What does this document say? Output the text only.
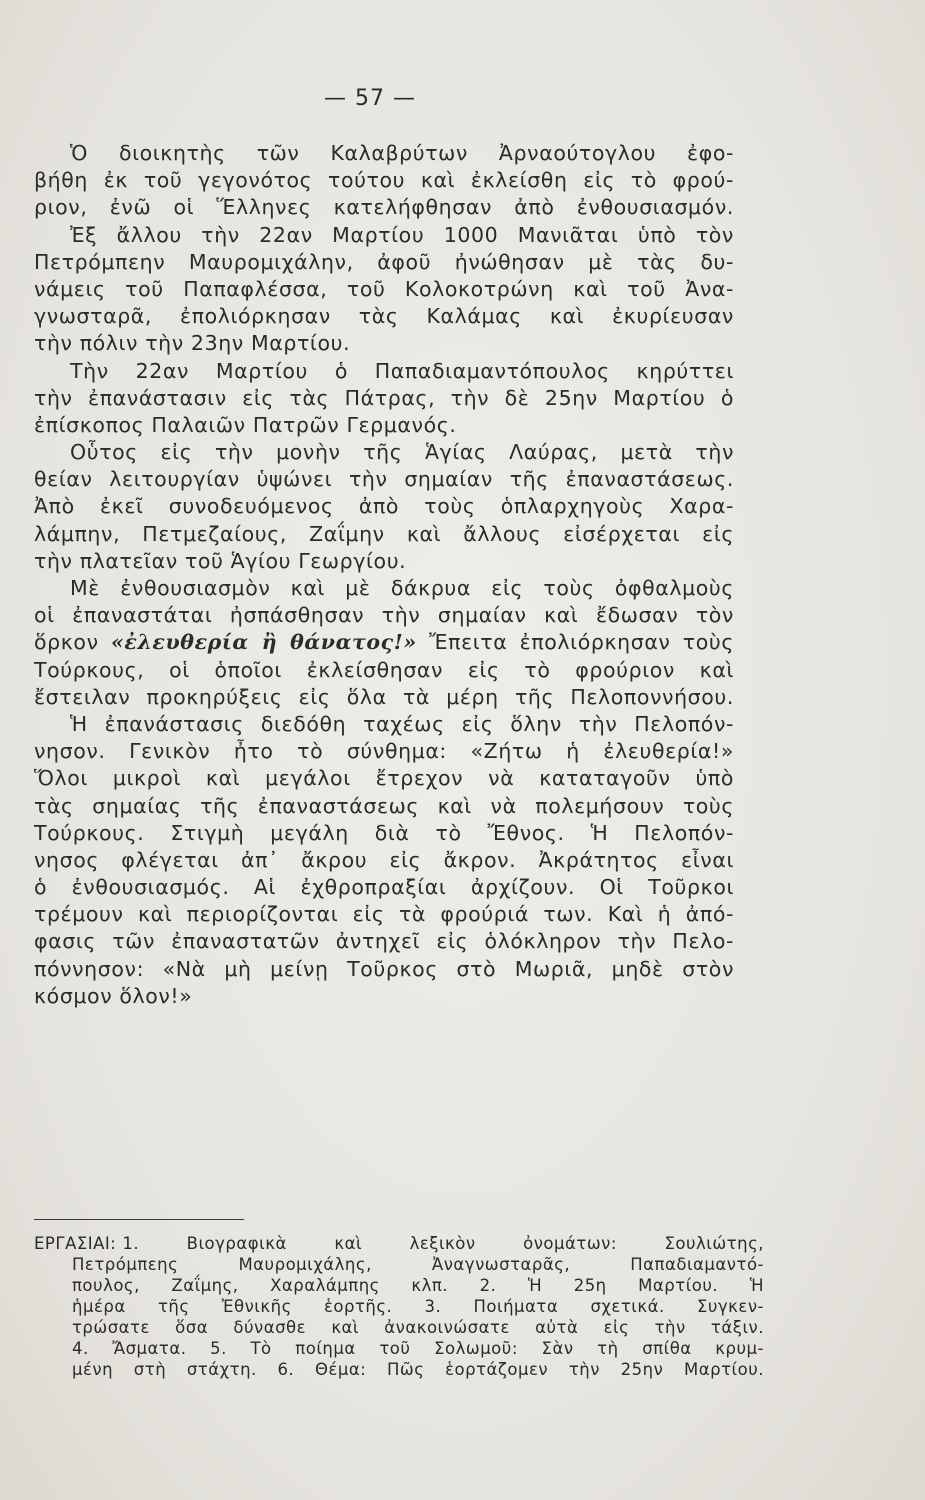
— 57 —
Ὁ διοικητὴς τῶν Καλαβρύτων Ἀρναούτογλου ἐφο-
βήθη ἐκ τοῦ γεγονότος τούτου καὶ ἐκλείσθη εἰς τὸ φρού-
ριον, ἐνῶ οἱ Ἕλληνες κατελήφθησαν ἀπὸ ἐνθουσιασμόν.
Ἐξ ἄλλου τὴν 22αν Μαρτίου 1000 Μανιᾶται ὑπὸ τὸν
Πετρόμπεην Μαυρομιχάλην, ἀφοῦ ἠνώθησαν μὲ τὰς δυ-
νάμεις τοῦ Παπαφλέσσα, τοῦ Κολοκοτρώνη καὶ τοῦ Ἀνα-
γνωσταρᾶ, ἐπολιόρκησαν τὰς Καλάμας καὶ ἐκυρίευσαν
τὴν πόλιν τὴν 23ην Μαρτίου.
Τὴν 22αν Μαρτίου ὁ Παπαδιαμαντόπουλος κηρύττει
τὴν ἐπανάστασιν εἰς τὰς Πάτρας, τὴν δὲ 25ην Μαρτίου ὁ
ἐπίσκοπος Παλαιῶν Πατρῶν Γερμανός.
Οὗτος εἰς τὴν μονὴν τῆς Ἁγίας Λαύρας, μετὰ τὴν
θείαν λειτουργίαν ὑψώνει τὴν σημαίαν τῆς ἐπαναστάσεως.
Ἀπὸ ἐκεῖ συνοδευόμενος ἀπὸ τοὺς ὁπλαρχηγοὺς Χαρα-
λάμπην, Πετμεζαίους, Ζαΐμην καὶ ἄλλους εἰσέρχεται εἰς
τὴν πλατεῖαν τοῦ Ἁγίου Γεωργίου.
Μὲ ἐνθουσιασμὸν καὶ μὲ δάκρυα εἰς τοὺς ὀφθαλμοὺς
οἱ ἐπαναστάται ἠσπάσθησαν τὴν σημαίαν καὶ ἔδωσαν τὸν
ὅρκον «ἐλευθερία ἢ θάνατος!» Ἔπειτα ἐπολιόρκησαν τοὺς
Τούρκους, οἱ ὁποῖοι ἐκλείσθησαν εἰς τὸ φρούριον καὶ
ἔστειλαν προκηρύξεις εἰς ὅλα τὰ μέρη τῆς Πελοποννήσου.
Ἡ ἐπανάστασις διεδόθη ταχέως εἰς ὅλην τὴν Πελοπόν-
νησον. Γενικὸν ἦτο τὸ σύνθημα: «Ζήτω ἡ ἐλευθερία!»
Ὅλοι μικροὶ καὶ μεγάλοι ἔτρεχον νὰ καταταγοῦν ὑπὸ
τὰς σημαίας τῆς ἐπαναστάσεως καὶ νὰ πολεμήσουν τοὺς
Τούρκους. Στιγμὴ μεγάλη διὰ τὸ Ἔθνος. Ἡ Πελοπόν-
νησος φλέγεται ἀπ᾿ ἄκρου εἰς ἄκρον. Ἀκράτητος εἶναι
ὁ ἐνθουσιασμός. Αἱ ἐχθροπραξίαι ἀρχίζουν. Οἱ Τοῦρκοι
τρέμουν καὶ περιορίζονται εἰς τὰ φρούριά των. Καὶ ἡ ἀπό-
φασις τῶν ἐπαναστατῶν ἀντηχεῖ εἰς ὁλόκληρον τὴν Πελο-
πόννησον: «Νὰ μὴ μείνῃ Τοῦρκος στὸ Μωριᾶ, μηδὲ στὸν
κόσμον ὅλον!»
ΕΡΓΑΣΙΑΙ: 1. Βιογραφικὰ καὶ λεξικὸν ὀνομάτων: Σουλιώτης,
Πετρόμπεης Μαυρομιχάλης, Ἀναγνωσταρᾶς, Παπαδιαμαντό-
πουλος, Ζαΐμης, Χαραλάμπης κλπ. 2. Ἡ 25η Μαρτίου. Ἡ
ἡμέρα τῆς Ἐθνικῆς ἑορτῆς. 3. Ποιήματα σχετικά. Συγκεν-
τρώσατε ὅσα δύνασθε καὶ ἀνακοινώσατε αὐτὰ εἰς τὴν τάξιν.
4. Ἄσματα. 5. Τὸ ποίημα τοῦ Σολωμοῦ: Σὰν τὴ σπίθα κρυμ-
μένη στὴ στάχτη. 6. Θέμα: Πῶς ἑορτάζομεν τὴν 25ην Μαρτίου.
